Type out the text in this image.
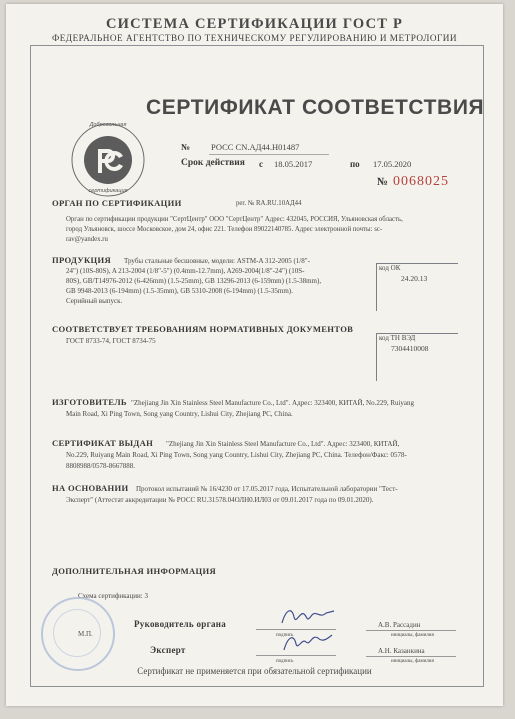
СИСТЕМА СЕРТИФИКАЦИИ ГОСТ Р
ФЕДЕРАЛЬНОЕ АГЕНТСТВО ПО ТЕХНИЧЕСКОМУ РЕГУЛИРОВАНИЮ И МЕТРОЛОГИИ
Добровольная
сертификация
СЕРТИФИКАТ СООТВЕТСТВИЯ
№ РОСС CN.АД44.Н01487
Срок действия с 18.05.2017	по 17.05.2020
№ 0068025
ОРГАН ПО СЕРТИФИКАЦИИ	рег. № RA.RU.10АД44
Орган по сертификации продукции "СертЦентр" ООО "СертЦентр" Адрес: 432045, РОССИЯ, Ульяновская область,
город Ульяновск, шоссе Московское, дом 24, офис 221. Телефон 89022140785. Адрес электронной почты: sc-
rav@yandex.ru
ПРОДУКЦИЯ Трубы стальные бесшовные, модели: ASTM-A 312-2005 (1/8"-
24") (10S-80S), A 213-2004 (1/8"-5") (0.4mm-12.7mm), A269-2004(1/8"-24") (10S-
80S), GB/T14976-2012 (6-426mm) (1.5-25mm), GB 13296-2013 (6-159mm) (1.5-38mm),
GB 9948-2013 (6-194mm) (1.5-35mm), GB 5310-2008 (6-194mm) (1.5-35mm).
Серийный выпуск.
код ОК
24.20.13
СООТВЕТСТВУЕТ ТРЕБОВАНИЯМ НОРМАТИВНЫХ ДОКУМЕНТОВ
ГОСТ 8733-74, ГОСТ 8734-75	код ТН ВЭД
7304410008
ИЗГОТОВИТЕЛЬ "Zhejiang Jin Xin Stainless Steel Manufacture Co., Ltd". Адрес: 323400, КИТАЙ, No.229, Ruiyang
Main Road, Xi Ping Town, Song yang Country, Lishui City, Zhejiang PC, China.
СЕРТИФИКАТ ВЫДАН "Zhejiang Jin Xin Stainless Steel Manufacture Co., Ltd". Адрес: 323400, КИТАЙ,
No.229, Ruiyang Main Road, Xi Ping Town, Song yang Country, Lishui City, Zhejiang PC, China. Телефон/Факс: 0578-
8808988/0578-8667888.
НА ОСНОВАНИИ Протокол испытаний № 16/4230 от 17.05.2017 года, Испытательной лаборатории "Тест-
Эксперт" (Аттестат аккредитации № РОСС RU.31578.04ОЛН0.ИЛ03 от 09.01.2017 года по 09.01.2020).
ДОПОЛНИТЕЛЬНАЯ ИНФОРМАЦИЯ
Схема сертификации: 3
М.П.
Руководитель органа
подпись
А.В. Рассадин
инициалы, фамилия
Эксперт
подпись
А.Н. Казанкина
инициалы, фамилия
Сертификат не применяется при обязательной сертификации
